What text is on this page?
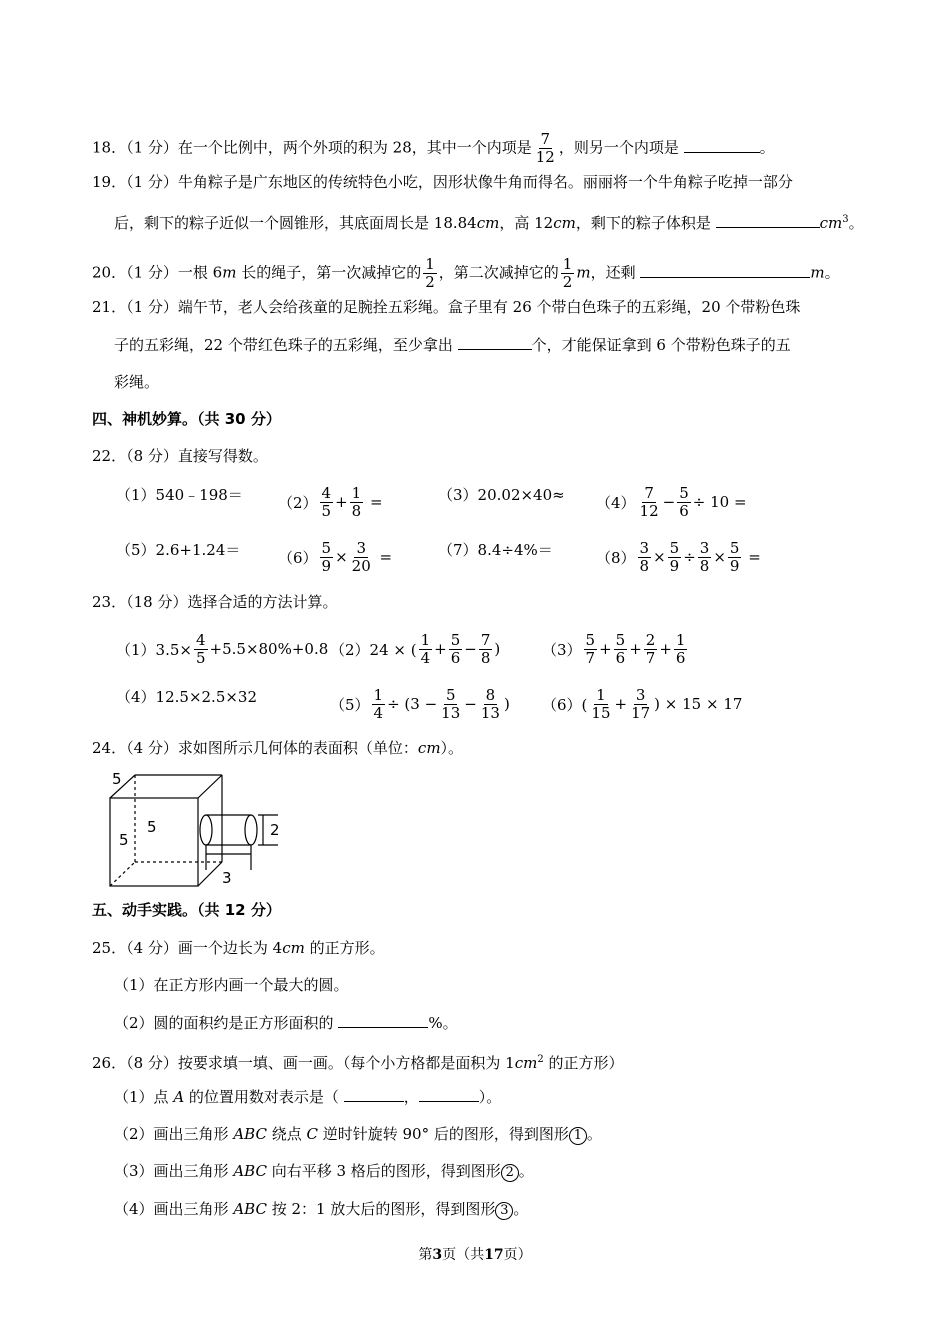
18．（1 分）在一个比例中，两个外项的积为 28，其中一个内项是 $\frac{7}{12}$ ，则另一个内项是	。
19．（1 分）牛角粽子是广东地区的传统特色小吃，因形状像牛角而得名。丽丽将一个牛角粽子吃掉一部分
后，剩下的粽子近似一个圆锥形，其底面周长是 18.84cm，高 12cm，剩下的粽子体积是	$cm^3$。
20．（1 分）一根 6m 长的绳子，第一次减掉它的 $\frac{1}{2}$ ，第二次减掉它的 $\frac{1}{2}$ m，还剩	m。
21．（1 分）端午节，老人会给孩童的足腕拴五彩绳。盒子里有 26 个带白色珠子的五彩绳，20 个带粉色珠
子的五彩绳，22 个带红色珠子的五彩绳，至少拿出	个，才能保证拿到 6 个带粉色珠子的五
彩绳。
四、神机妙算。（共 30 分）
22．（8 分）直接写得数。
（1）540﹣198＝ $(2) \frac{4}{5} + \frac{1}{8}$ =	$(3)20.02\times 40\approx (4) \frac{7}{12} - \frac{5}{6} \div 10$ =
（5）2.6+1.24＝	$(6) \frac{5}{9} \times \frac{3}{20}$ =	（7）8.4÷4%＝	$(8) \frac{3}{8} \times \frac{5}{9} \div \frac{3}{8} \times \frac{5}{9}$ =
23．（18 分）选择合适的方法计算。
$(1)3.5\times \frac{4}{5} +5.5\times 80\%+0.8$ （2）24 × ( $\frac{1}{4} + \frac{5}{6} - \frac{7}{8}$ )	$(3) \frac{5}{7} + \frac{5}{6} + \frac{2}{7} + \frac{1}{6}$
（4）12.5×2.5×32	$(5) \frac{1}{4} \div (3 - \frac{5}{13} - \frac{8}{13}$ ) $(6)( \frac{1}{15} + \frac{3}{17}$ ) × 15 × 17
24．（4 分）求如图所示几何体的表面积（单位：cm）。
5
5
5	2
3
五、动手实践。（共 12 分）
25．（4 分）画一个边长为 4cm 的正方形。
（1）在正方形内画一个最大的圆。
（2）圆的面积约是正方形面积的	%。
26．（8 分）按要求填一填、画一画。（每个小方格都是面积为 $1cm^2$ 的正方形）
（1）点 A 的位置用数对表示是（	，	）。
（2）画出三角形 ABC 绕点 C 逆时针旋转 90° 后的图形，得到图形 1 。
（3）画出三角形 ABC 向右平移 3 格后的图形，得到图形 2 。
（4）画出三角形 ABC 按 2：1 放大后的图形，得到图形 3 。
第3页（共17页）
